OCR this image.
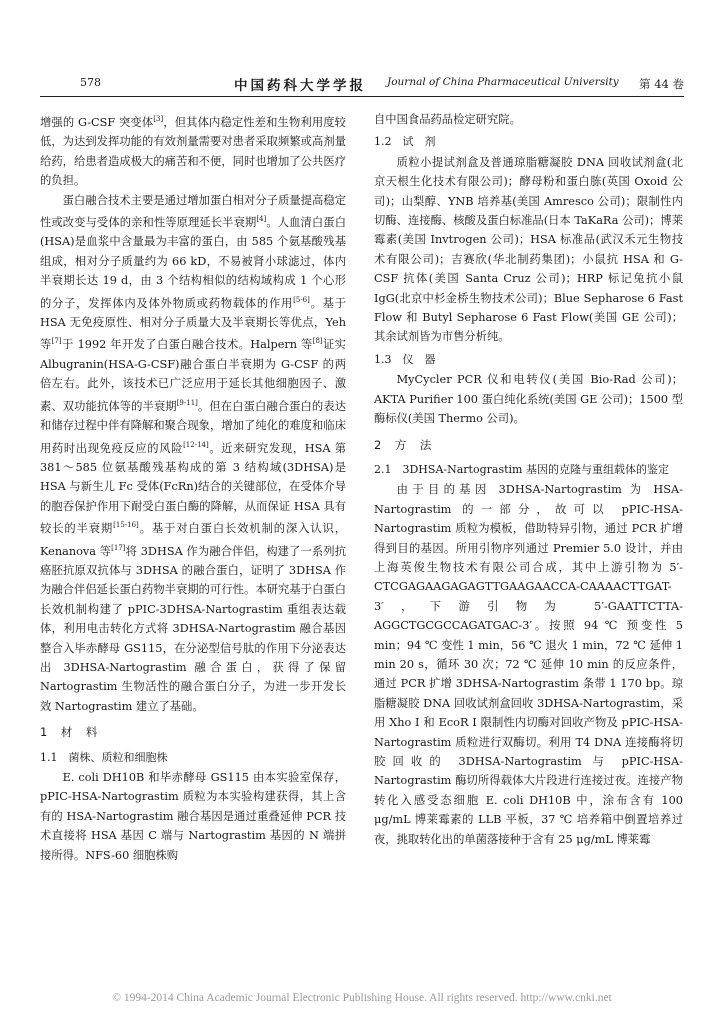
578	中国药科大学学报 Journal of China Pharmaceutical University 第 44 卷

增强的 G-CSF 突变体[3]，但其体内稳定性差和生物利用度较低，为达到发挥功能的有效剂量需要对患者采取频繁或高剂量给药，给患者造成极大的痛苦和不便，同时也增加了公共医疗的负担。

蛋白融合技术主要是通过增加蛋白相对分子质量提高稳定性或改变与受体的亲和性等原理延长半衰期[4]。人血清白蛋白(HSA)是血浆中含量最为丰富的蛋白，由 585 个氨基酸残基组成，相对分子质量约为 66 kD，不易被肾小球滤过，体内半衰期长达 19 d，由 3 个结构相似的结构域构成 1 个心形的分子，发挥体内及体外物质或药物载体的作用[5-6]。基于 HSA 无免疫原性、相对分子质量大及半衰期长等优点，Yeh 等[7]于 1992 年开发了白蛋白融合技术。Halpern 等[8]证实 Albugranin(HSA-G-CSF)融合蛋白半衰期为 G-CSF 的两倍左右。此外，该技术已广泛应用于延长其他细胞因子、激素、双功能抗体等的半衰期[9-11]。但在白蛋白融合蛋白的表达和储存过程中伴有降解和聚合现象，增加了纯化的难度和临床用药时出现免疫反应的风险[12-14]。近来研究发现，HSA 第 381～585 位氨基酸残基构成的第 3 结构域(3DHSA)是 HSA 与新生儿 Fc 受体(FcRn)结合的关键部位，在受体介导的胞吞保护作用下耐受白蛋白酶的降解，从而保证 HSA 具有较长的半衰期[15-16]。基于对白蛋白长效机制的深入认识，Kenanova 等[17]将 3DHSA 作为融合伴侣，构建了一系列抗癌胚抗原双抗体与 3DHSA 的融合蛋白，证明了 3DHSA 作为融合伴侣延长蛋白药物半衰期的可行性。本研究基于白蛋白长效机制构建了 pPIC-3DHSA-Nartograstim 重组表达载体，利用电击转化方式将 3DHSA-Nartograstim 融合基因整合入毕赤酵母 GS115，在分泌型信号肽的作用下分泌表达出 3DHSA-Nartograstim 融合蛋白，获得了保留 Nartograstim 生物活性的融合蛋白分子，为进一步开发长效 Nartograstim 建立了基础。

1　材　料
1.1　菌株、质粒和细胞株

E. coli DH10B 和毕赤酵母 GS115 由本实验室保存，pPIC-HSA-Nartograstim 质粒为本实验构建获得，其上含有的 HSA-Nartograstim 融合基因是通过重叠延伸 PCR 技术直接将 HSA 基因 C 端与 Nartograstim 基因的 N 端拼接所得。NFS-60 细胞株购

自中国食品药品检定研究院。

1.2　试　剂

质粒小提试剂盒及普通琼脂糖凝胶 DNA 回收试剂盒(北京天根生化技术有限公司)；酵母粉和蛋白胨(英国 Oxoid 公司)；山梨醇、YNB 培养基(美国 Amresco 公司)；限制性内切酶、连接酶、核酸及蛋白标准品(日本 TaKaRa 公司)；博莱霉素(美国 Invtrogen 公司)；HSA 标准品(武汉禾元生物技术有限公司)；吉赛欣(华北制药集团)；小鼠抗 HSA 和 G-CSF 抗体(美国 Santa Cruz 公司)；HRP 标记兔抗小鼠 IgG(北京中杉金桥生物技术公司)；Blue Sepharose 6 Fast Flow 和 Butyl Sepharose 6 Fast Flow(美国 GE 公司)；其余试剂皆为市售分析纯。

1.3　仪　器

MyCycler PCR 仪和电转仪(美国 Bio-Rad 公司)；AKTA Purifier 100 蛋白纯化系统(美国 GE 公司)；1500 型酶标仪(美国 Thermo 公司)。

2　方　法
2.1　3DHSA-Nartograstim 基因的克隆与重组载体的鉴定

由于目的基因 3DHSA-Nartograstim 为 HSA-Nartograstim 的一部分，故可以 pPIC-HSA-Nartograstim 质粒为模板，借助特异引物，通过 PCR 扩增得到目的基因。所用引物序列通过 Premier 5.0 设计，并由上海英俊生物技术有限公司合成，其中上游引物为 5′-CTCGAGAAGAGAGTTGAAGAACCA-CAAAACTTGAT-3′，下游引物为 5′-GAATTCTTA-AGGCTGCGCCAGATGAC-3′。按照 94 ℃ 预变性 5 min；94 ℃ 变性 1 min，56 ℃ 退火 1 min，72 ℃ 延伸 1 min 20 s，循环 30 次；72 ℃ 延伸 10 min 的反应条件，通过 PCR 扩增 3DHSA-Nartograstim 条带 1 170 bp。琼脂糖凝胶 DNA 回收试剂盒回收 3DHSA-Nartograstim，采用 Xho Ⅰ 和 EcoR Ⅰ 限制性内切酶对回收产物及 pPIC-HSA-Nartograstim 质粒进行双酶切。利用 T4 DNA 连接酶将切胶回收的 3DHSA-Nartograstim 与 pPIC-HSA-Nartograstim 酶切所得载体大片段进行连接过夜。连接产物转化入感受态细胞 E. coli DH10B 中，涂布含有 100 μg/mL 博莱霉素的 LLB 平板，37 ℃ 培养箱中倒置培养过夜，挑取转化出的单菌落接种于含有 25 μg/mL 博莱霉

© 1994-2014 China Academic Journal Electronic Publishing House. All rights reserved. http://www.cnki.net
